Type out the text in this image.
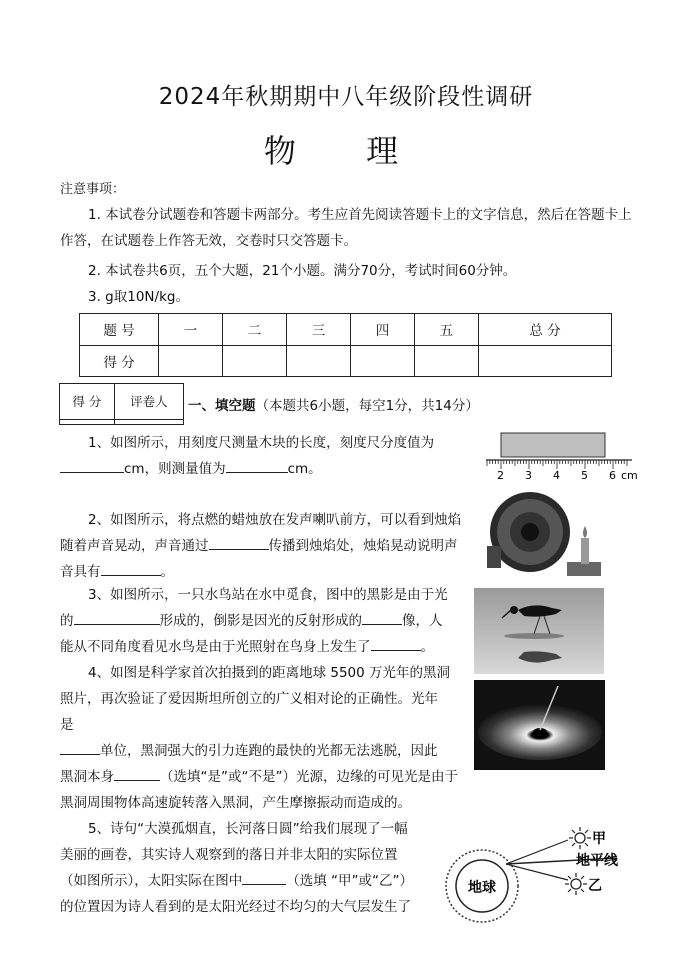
2024年秋期期中八年级阶段性调研
物 理
注意事项：
1. 本试卷分试题卷和答题卡两部分。考生应首先阅读答题卡上的文字信息，然后在答题卡上作答，在试题卷上作答无效，交卷时只交答题卡。
2. 本试卷共6页，五个大题，21个小题。满分70分，考试时间60分钟。
3. g取10N/kg。
题 号	一	二	三	四	五	总 分
得 分						
得 分	评卷人
	一、填空题（本题共6小题，每空1分，共14分）
1、如图所示，用刻度尺测量木块的长度，刻度尺分度值为
cm，则测量值为	cm。	2 3 4 5 6 cm
2、如图所示，将点燃的蜡烛放在发声喇叭前方，可以看到烛焰
随着声音晃动，声音通过	传播到烛焰处，烛焰晃动说明声
音具有	。
3、如图所示，一只水鸟站在水中觅食，图中的黑影是由于光
的	形成的，倒影是因光的反射形成的	像，人
能从不同角度看见水鸟是由于光照射在鸟身上发生了	。
4、如图是科学家首次拍摄到的距离地球 5500 万光年的黑洞
照片，再次验证了爱因斯坦所创立的广义相对论的正确性。光年
是
单位，黑洞强大的引力连跑的最快的光都无法逃脱，因此
黑洞本身	（选填“是”或“不是”）光源，边缘的可见光是由于
黑洞周围物体高速旋转落入黑洞，产生摩擦振动而造成的。
5、诗句“大漠孤烟直，长河落日圆”给我们展现了一幅
美丽的画卷，其实诗人观察到的落日并非太阳的实际位置
（如图所示），太阳实际在图中	（选填 “甲”或“乙”）
的位置因为诗人看到的是太阳光经过不均匀的大气层发生了
地球
甲
地平线
乙
